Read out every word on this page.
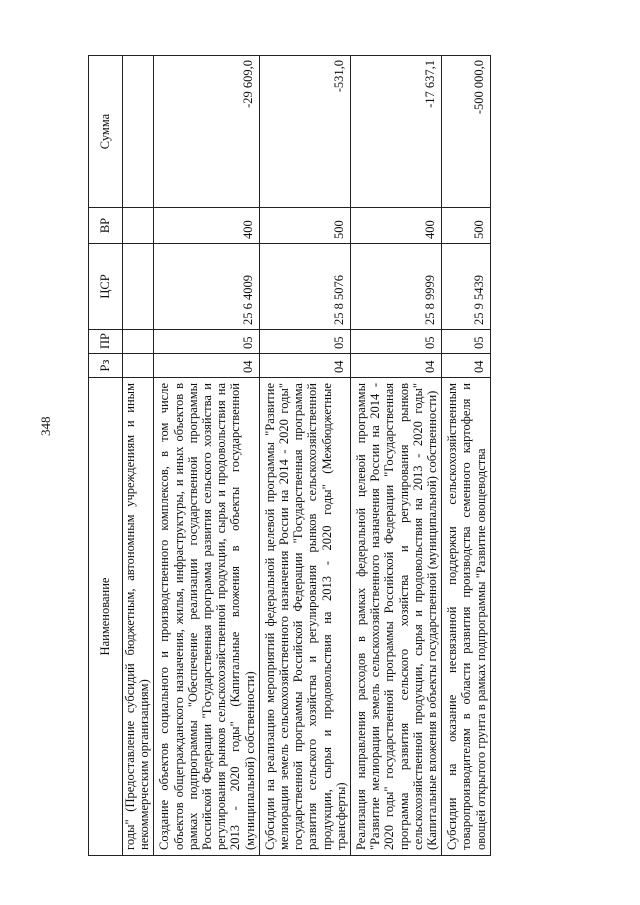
348
Наименование	Рз	ПР	ЦСР	ВР	Сумма
годы" (Предоставление субсидий бюджетным, автономным учреждениям и иным некоммерческим организациям)					
Создание объектов социального и производственного комплексов, в том числе объектов общегражданского назначения, жилья, инфраструктуры, и иных объектов в рамках подпрограммы "Обеспечение реализации государственной программы Российской Федерации "Государственная программа развития сельского хозяйства и регулирования рынков сельскохозяйственной продукции, сырья и продовольствия на 2013 - 2020 годы" (Капитальные вложения в объекты государственной (муниципальной) собственности)	04	05	25 6 4009	400	-29 609,0
Субсидии на реализацию мероприятий федеральной целевой программы "Развитие мелиорации земель сельскохозяйственного назначения России на 2014 - 2020 годы" государственной программы Российской Федерации "Государственная программа развития сельского хозяйства и регулирования рынков сельскохозяйственной продукции, сырья и продовольствия на 2013 - 2020 годы" (Межбюджетные трансферты)	04	05	25 8 5076	500	-531,0
Реализация направления расходов в рамках федеральной целевой программы "Развитие мелиорации земель сельскохозяйственного назначения России на 2014 - 2020 годы" государственной программы Российской Федерации "Государственная программа развития сельского хозяйства и регулирования рынков сельскохозяйственной продукции, сырья и продовольствия на 2013 - 2020 годы" (Капитальные вложения в объекты государственной (муниципальной) собственности)	04	05	25 8 9999	400	-17 637,1
Субсидии на оказание несвязанной поддержки сельскохозяйственным товаропроизводителям в области развития производства семенного картофеля и овощей открытого грунта в рамках подпрограммы "Развитие овощеводства	04	05	25 9 5439	500	-500 000,0
